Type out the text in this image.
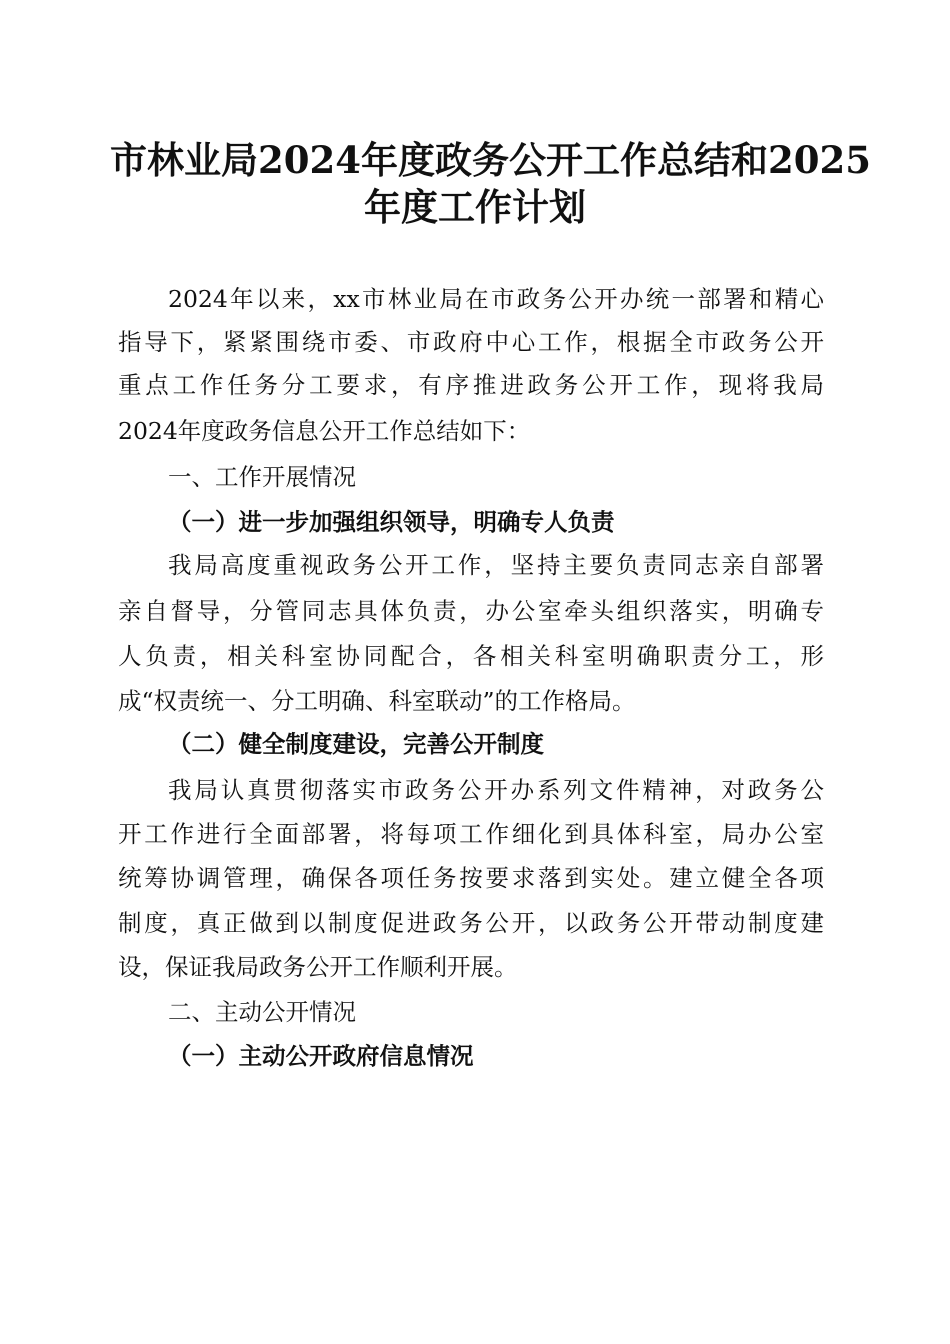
市林业局2024年度政务公开工作总结和2025
年度工作计划
2024年以来，xx市林业局在市政务公开办统一部署和精心
指导下，紧紧围绕市委、市政府中心工作，根据全市政务公开
重点工作任务分工要求，有序推进政务公开工作，现将我局
2024年度政务信息公开工作总结如下：
一、工作开展情况
（一）进一步加强组织领导，明确专人负责
我局高度重视政务公开工作，坚持主要负责同志亲自部署
亲自督导，分管同志具体负责，办公室牵头组织落实，明确专
人负责，相关科室协同配合，各相关科室明确职责分工，形
成“权责统一、分工明确、科室联动”的工作格局。
（二）健全制度建设，完善公开制度
我局认真贯彻落实市政务公开办系列文件精神，对政务公
开工作进行全面部署，将每项工作细化到具体科室，局办公室
统筹协调管理，确保各项任务按要求落到实处。建立健全各项
制度，真正做到以制度促进政务公开，以政务公开带动制度建
设，保证我局政务公开工作顺利开展。
二、主动公开情况
（一）主动公开政府信息情况
